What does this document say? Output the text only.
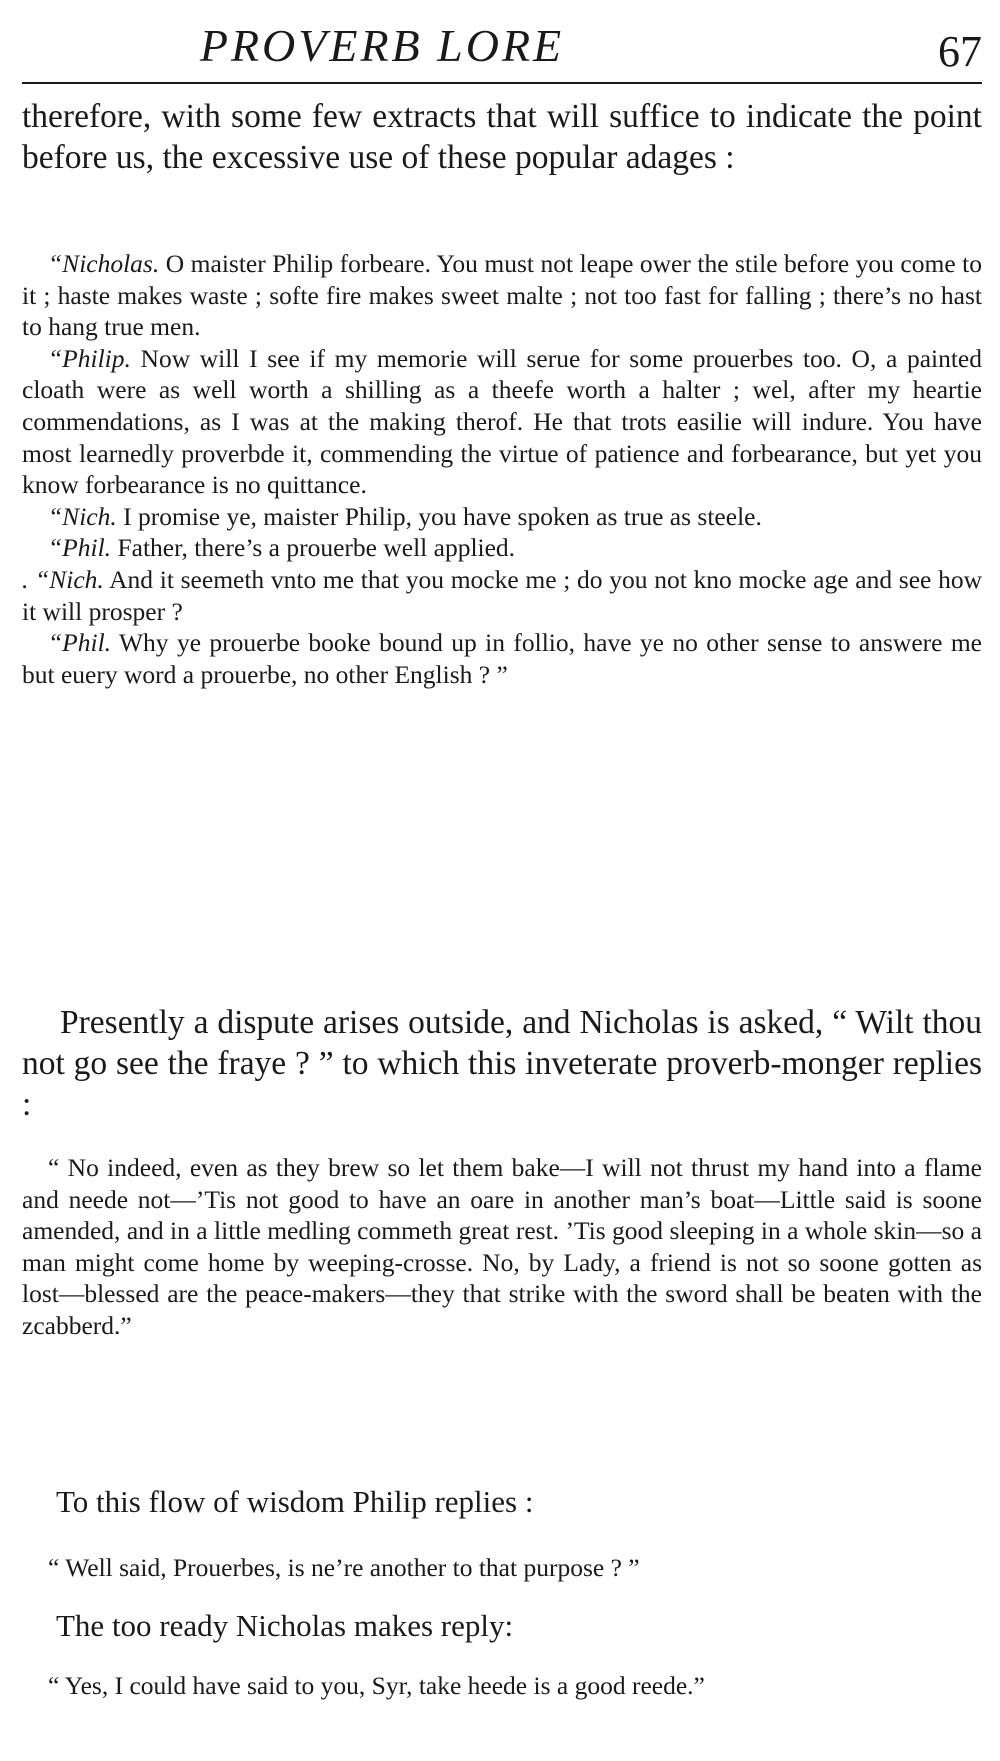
PROVERB LORE	67

therefore, with some few extracts that will suffice to indicate the point before us, the excessive use of these popular adages :

“Nicholas. O maister Philip forbeare. You must not leape ower the stile before you come to it ; haste makes waste ; softe fire makes sweet malte ; not too fast for falling ; there’s no hast to hang true men.

“Philip. Now will I see if my memorie will serue for some prouerbes too. O, a painted cloath were as well worth a shilling as a theefe worth a halter ; wel, after my heartie commendations, as I was at the making therof. He that trots easilie will indure. You have most learnedly proverbde it, commending the virtue of patience and forbearance, but yet you know forbearance is no quittance.

“Nich. I promise ye, maister Philip, you have spoken as true as steele.

“Phil. Father, there’s a prouerbe well applied.

. “Nich. And it seemeth vnto me that you mocke me ; do you not kno mocke age and see how it will prosper ?

“Phil. Why ye prouerbe booke bound up in follio, have ye no other sense to answere me but euery word a prouerbe, no other English ? ”

Presently a dispute arises outside, and Nicholas is asked, “ Wilt thou not go see the fraye ? ” to which this inveterate proverb-monger replies :

“ No indeed, even as they brew so let them bake—I will not thrust my hand into a flame and neede not—’Tis not good to have an oare in another man’s boat—Little said is soone amended, and in a little medling commeth great rest. ’Tis good sleeping in a whole skin—so a man might come home by weeping-crosse. No, by Lady, a friend is not so soone gotten as lost—blessed are the peace-makers—they that strike with the sword shall be beaten with the zcabberd.”

To this flow of wisdom Philip replies :

“ Well said, Prouerbes, is ne’re another to that purpose ? ”

The too ready Nicholas makes reply:

“ Yes, I could have said to you, Syr, take heede is a good reede.”
